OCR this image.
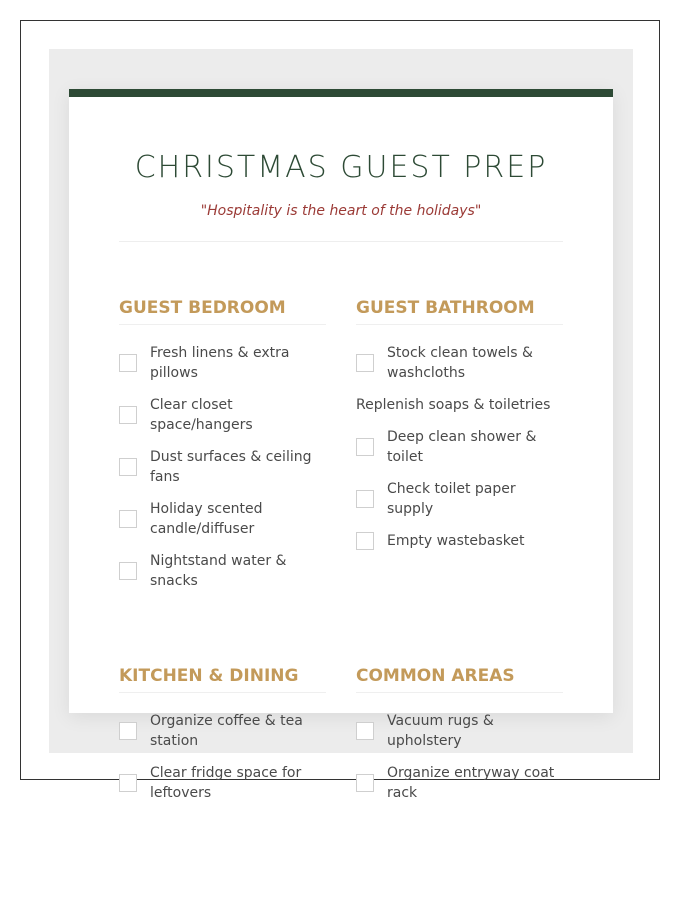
CHRISTMAS GUEST PREP

"Hospitality is the heart of the holidays"

GUEST BEDROOM
Fresh linens & extra pillows
Clear closet space/hangers
Dust surfaces & ceiling fans
Holiday scented candle/diffuser
Nightstand water & snacks
GUEST BATHROOM
Stock clean towels & washcloths
Replenish soaps & toiletries
Deep clean shower & toilet
Check toilet paper supply
Empty wastebasket
KITCHEN & DINING
Organize coffee & tea station
Clear fridge space for leftovers
COMMON AREAS
Vacuum rugs & upholstery
Organize entryway coat rack
